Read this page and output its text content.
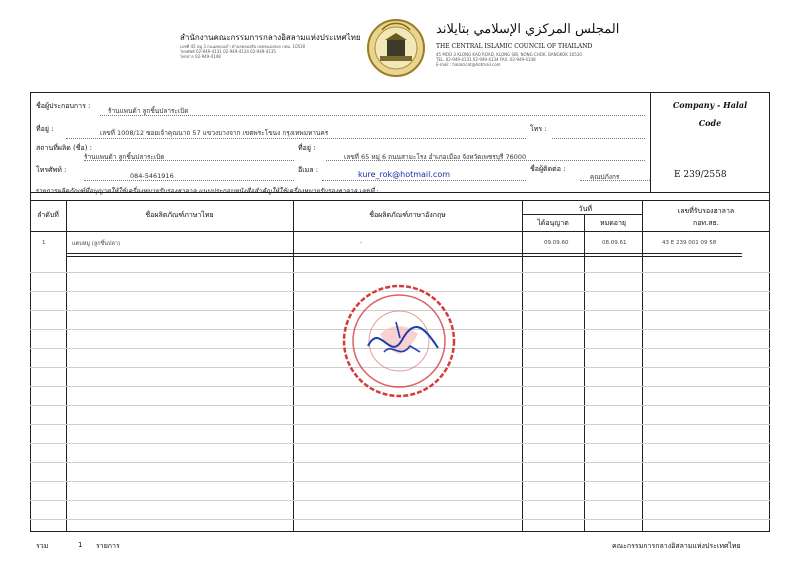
สำนักงานคณะกรรมการกลางอิสลามแห่งประเทศไทย
เลขที่ 45 หมู่ 3 ถนนคลองเก้า ตำบลคลองสิบ เขตหนองจอก กทม. 10530
โทรศัพท์ 02-949-4131 02-949-4134 02-949-4135
โทรสาร 02-949-4148
المجلس المركزي الإسلامي بتايلاند
THE CENTRAL ISLAMIC COUNCIL OF THAILAND
45 MOO 3 KLONG KAO ROAD, KLONG SIB, NONG CHOK, BANGKOK 10530
TEL. 02-949-4131 02-949-4134 FAX. 02-949-4148
E-mail : halalcicot@hotmail.com
Company - Halal
Code
E 239/2558
ชื่อผู้ประกอบการ :
ร้านแพนด้า ลูกชิ้นปลาระเบิด
ที่อยู่ :	เลขที่ 1008/12 ซอยเจ้าคุณนาถ 57 แขวงบางจาก เขตพระโขนง กรุงเทพมหานคร	โทร :
สถานที่ผลิต (ชื่อ) :
ร้านแพนด้า ลูกชิ้นปลาระเบิด
ที่อยู่ :
เลขที่ 65 หมู่ 6 ถนนสามะโรง อำเภอเมือง จังหวัดเพชรบุรี 76000
โทรศัพท์ :
084-5461916
อีเมล :	kure_rok@hotmail.com
ชื่อผู้ติดต่อ :
คุณปภังกร
รายการผลิตภัณฑ์ที่อนุญาตให้ใช้เครื่องหมายรับรองฮาลาล แนบประกอบหนังสือสำคัญให้ใช้เครื่องหมายรับรองฮาลาล เลขที่ :
ลำดับที่	ชื่อผลิตภัณฑ์ภาษาไทย	ชื่อผลิตภัณฑ์ภาษาอังกฤษ
วันที่
ได้อนุญาต	หมดอายุ
เลขที่รับรองฮาลาล
กอท.สธ.
1	แคบหมู (ลูกชิ้นปลา)	-	09.09.60	08.09.61	43 E 239 001 09 58
รวม	1 รายการ	คณะกรรมการกลางอิสลามแห่งประเทศไทย
